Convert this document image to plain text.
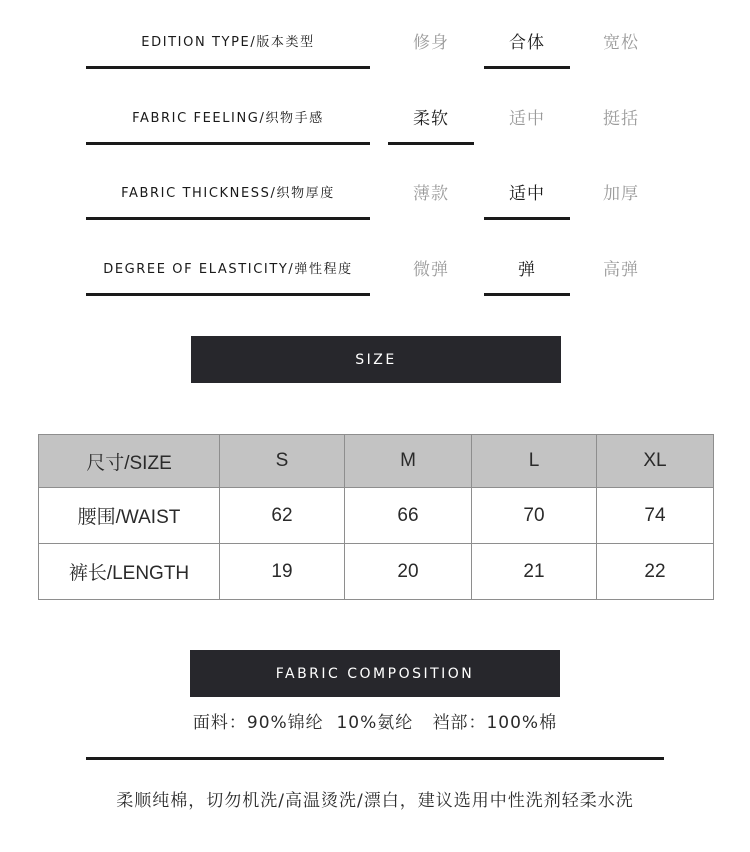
EDITION TYPE/版本类型	修身	合体	宽松
FABRIC FEELING/织物手感	柔软	适中	挺括
FABRIC THICKNESS/织物厚度	薄款	适中	加厚
DEGREE OF ELASTICITY/弹性程度	微弹	弹	高弹
SIZE
尺寸/SIZE	S	M	L	XL
腰围/WAIST	62	66	70	74
裤长/LENGTH	19	20	21	22
FABRIC COMPOSITION
面料：90%锦纶  10%氨纶   裆部：100%棉
柔顺纯棉，切勿机洗/高温烫洗/漂白，建议选用中性洗剂轻柔水洗
